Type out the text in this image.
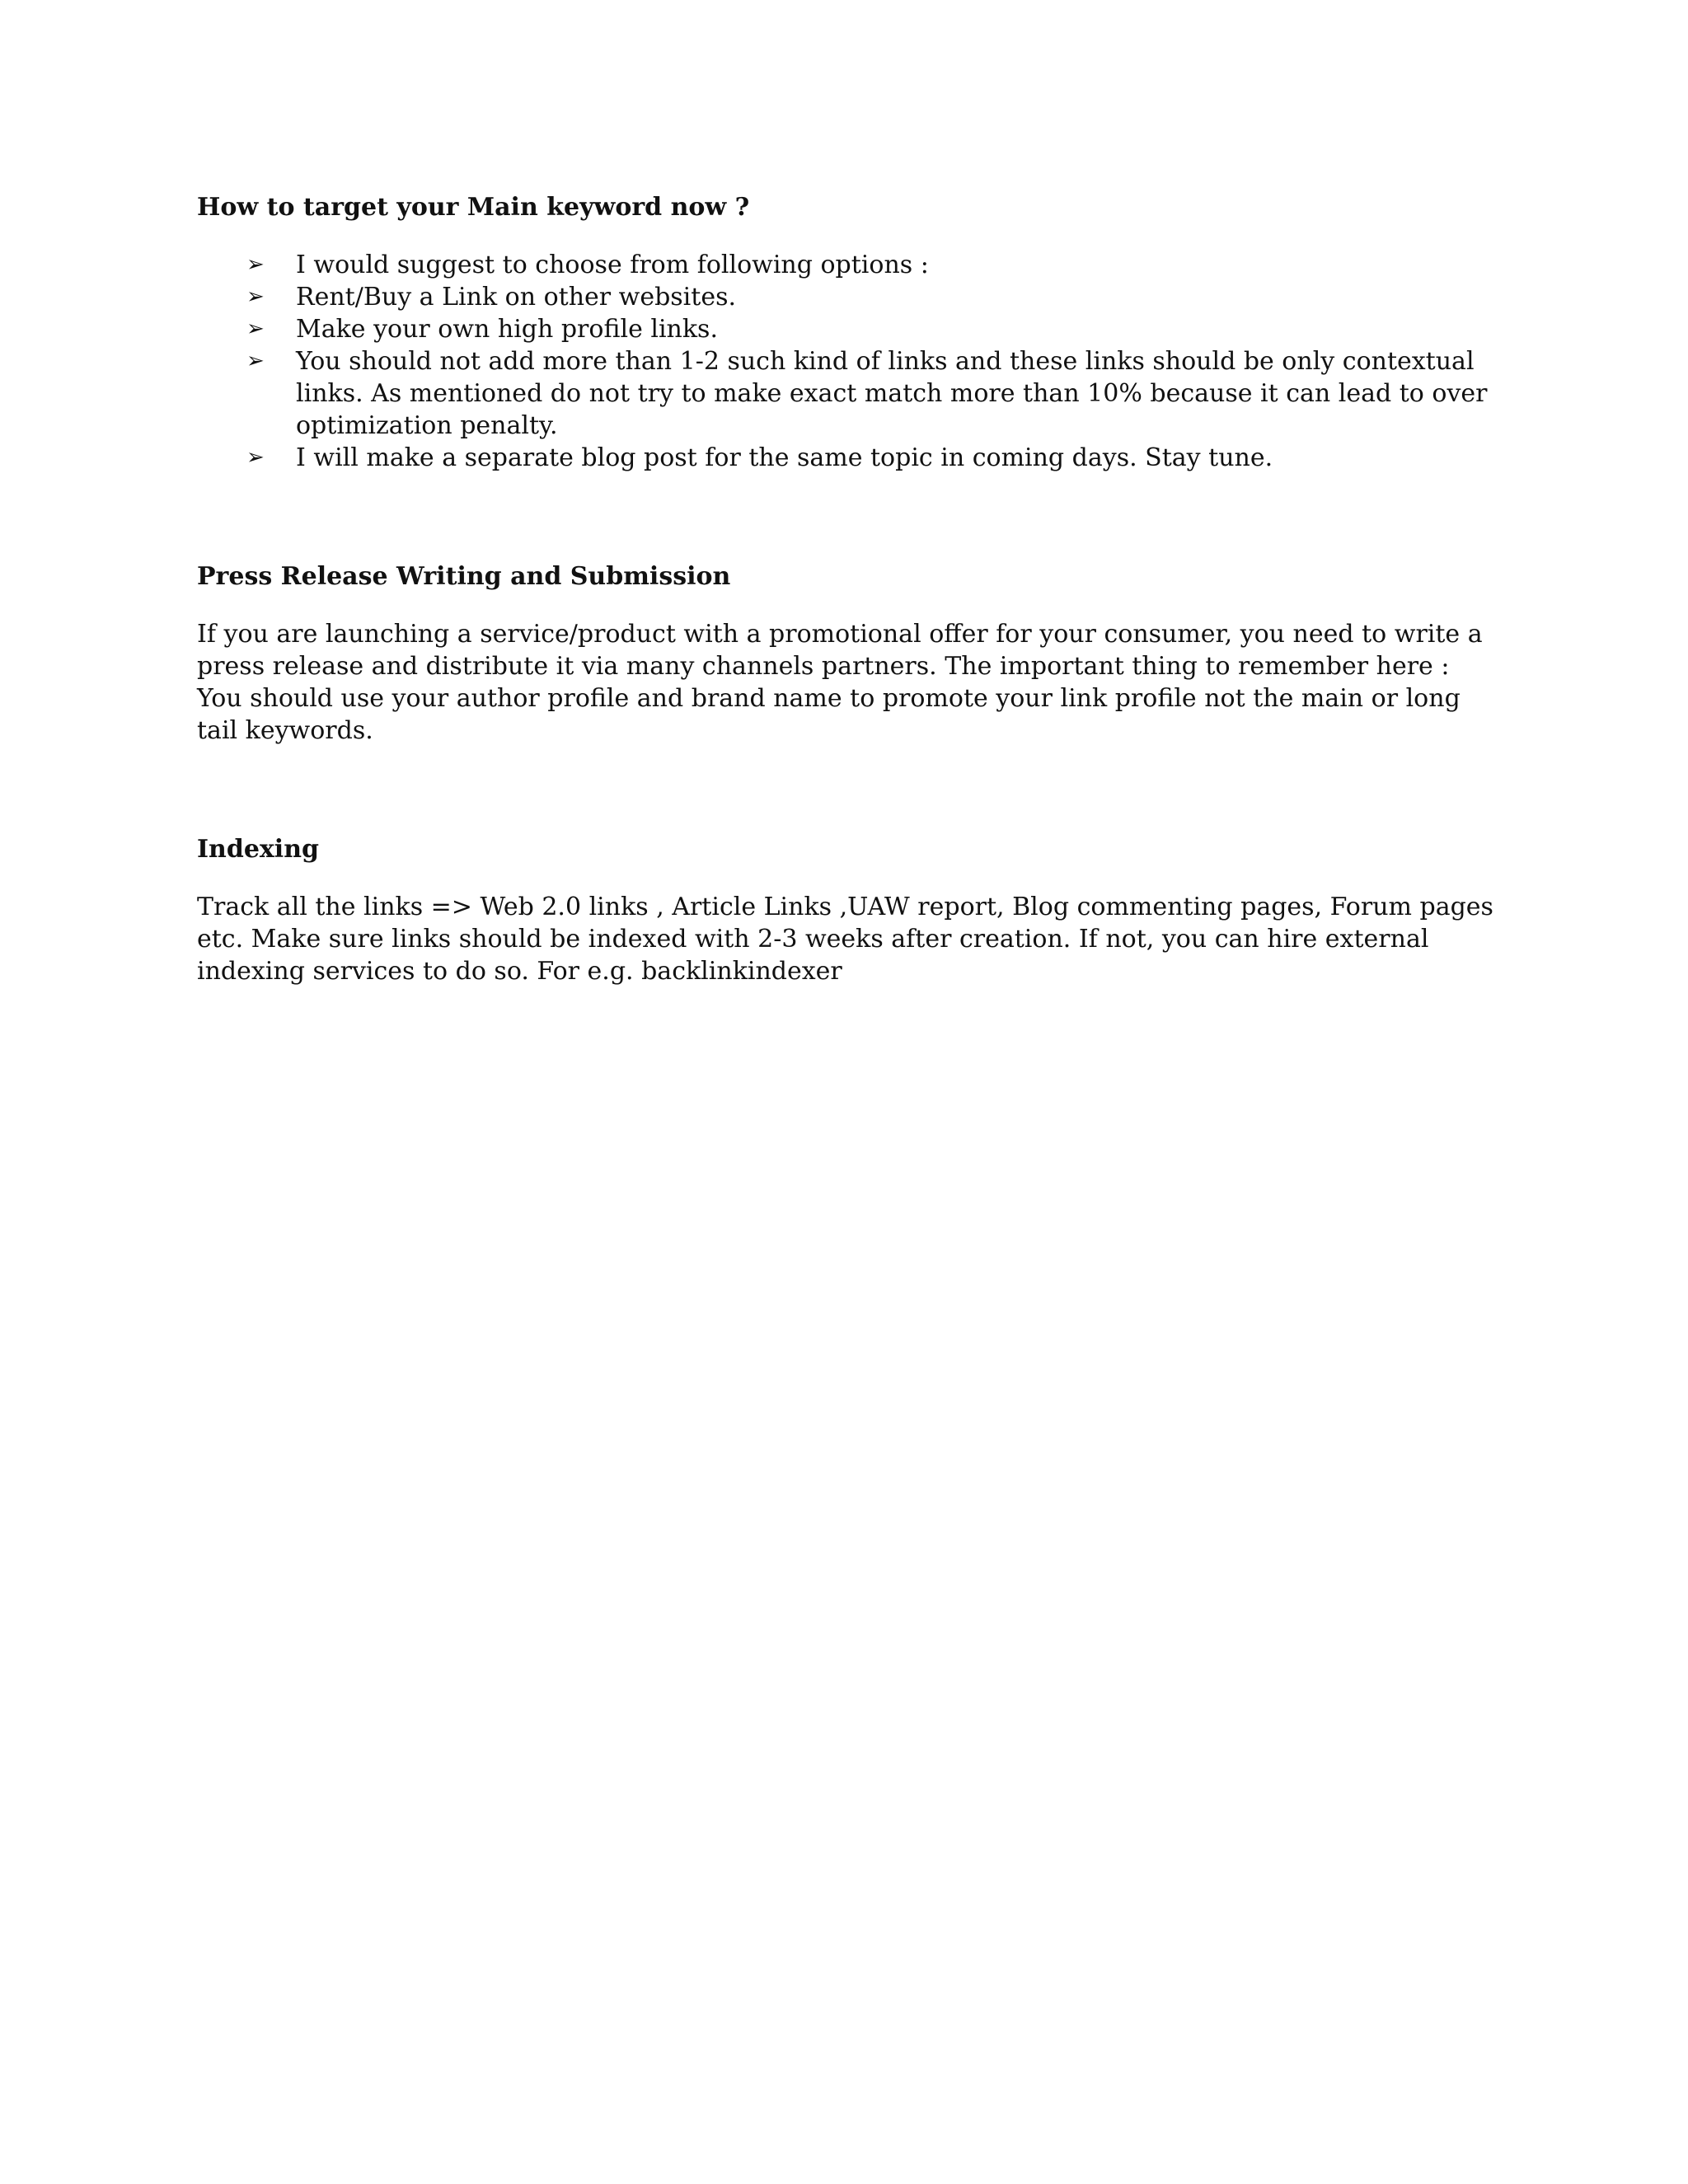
How to target your Main keyword now ?
➢ I would suggest to choose from following options :
➢ Rent/Buy a Link on other websites.
➢ Make your own high profile links.
➢ You should not add more than 1-2 such kind of links and these links should be only contextual links. As mentioned do not try to make exact match more than 10% because it can lead to over optimization penalty.
➢ I will make a separate blog post for the same topic in coming days. Stay tune.
Press Release Writing and Submission

If you are launching a service/product with a promotional offer for your consumer, you need to write a press release and distribute it via many channels partners. The important thing to remember here : You should use your author profile and brand name to promote your link profile not the main or long tail keywords.

Indexing

Track all the links => Web 2.0 links , Article Links ,UAW report, Blog commenting pages, Forum pages etc. Make sure links should be indexed with 2-3 weeks after creation. If not, you can hire external indexing services to do so. For e.g. backlinkindexer
